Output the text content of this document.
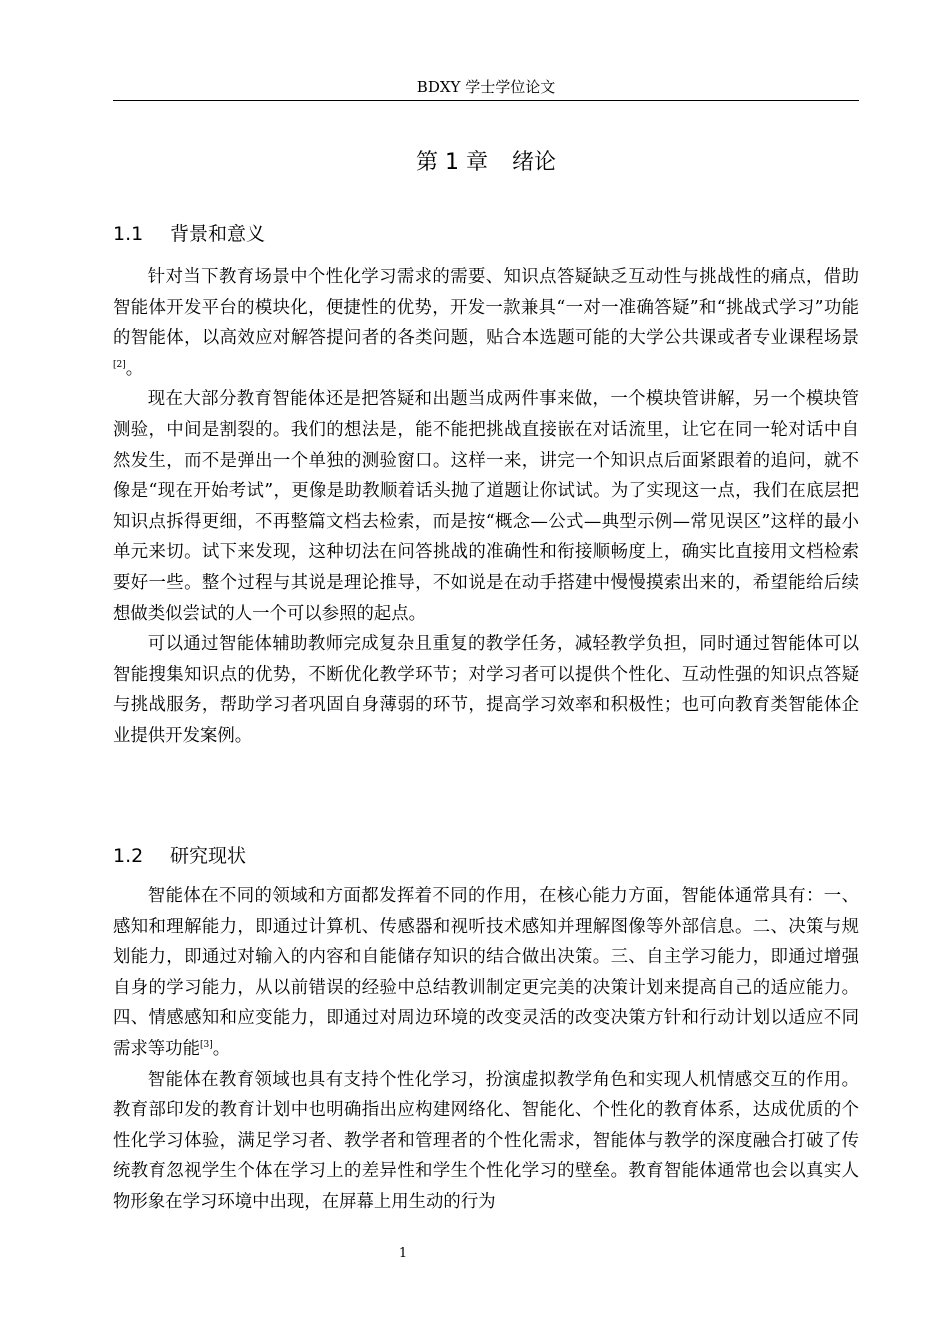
BDXY 学士学位论文
第 1 章 绪论
1.1 背景和意义

针对当下教育场景中个性化学习需求的需要、知识点答疑缺乏互动性与挑战性的痛点，借助智能体开发平台的模块化，便捷性的优势，开发一款兼具“一对一准确答疑”和“挑战式学习”功能的智能体，以高效应对解答提问者的各类问题，贴合本选题可能的大学公共课或者专业课程场景[2]。

现在大部分教育智能体还是把答疑和出题当成两件事来做，一个模块管讲解，另一个模块管测验，中间是割裂的。我们的想法是，能不能把挑战直接嵌在对话流里，让它在同一轮对话中自然发生，而不是弹出一个单独的测验窗口。这样一来，讲完一个知识点后面紧跟着的追问，就不像是“现在开始考试”，更像是助教顺着话头抛了道题让你试试。为了实现这一点，我们在底层把知识点拆得更细，不再整篇文档去检索，而是按“概念—公式—典型示例—常见误区”这样的最小单元来切。试下来发现，这种切法在问答挑战的准确性和衔接顺畅度上，确实比直接用文档检索要好一些。整个过程与其说是理论推导，不如说是在动手搭建中慢慢摸索出来的，希望能给后续想做类似尝试的人一个可以参照的起点。

可以通过智能体辅助教师完成复杂且重复的教学任务，减轻教学负担，同时通过智能体可以智能搜集知识点的优势，不断优化教学环节；对学习者可以提供个性化、互动性强的知识点答疑与挑战服务，帮助学习者巩固自身薄弱的环节，提高学习效率和积极性；也可向教育类智能体企业提供开发案例。

1.2 研究现状

智能体在不同的领域和方面都发挥着不同的作用，在核心能力方面，智能体通常具有：一、感知和理解能力，即通过计算机、传感器和视听技术感知并理解图像等外部信息。二、决策与规划能力，即通过对输入的内容和自能储存知识的结合做出决策。三、自主学习能力，即通过增强自身的学习能力，从以前错误的经验中总结教训制定更完美的决策计划来提高自己的适应能力。四、情感感知和应变能力，即通过对周边环境的改变灵活的改变决策方针和行动计划以适应不同需求等功能[3]。

智能体在教育领域也具有支持个性化学习，扮演虚拟教学角色和实现人机情感交互的作用。教育部印发的教育计划中也明确指出应构建网络化、智能化、个性化的教育体系，达成优质的个性化学习体验，满足学习者、教学者和管理者的个性化需求，智能体与教学的深度融合打破了传统教育忽视学生个体在学习上的差异性和学生个性化学习的壁垒。教育智能体通常也会以真实人物形象在学习环境中出现，在屏幕上用生动的行为

1
